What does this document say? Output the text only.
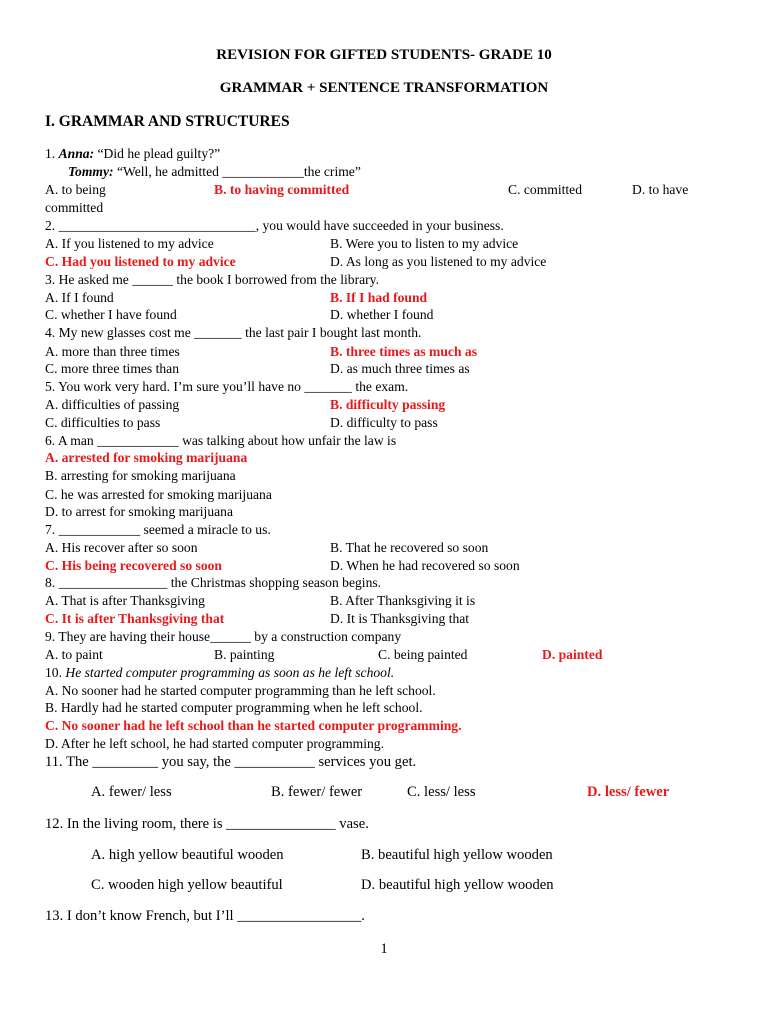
REVISION FOR GIFTED STUDENTS- GRADE 10
GRAMMAR + SENTENCE TRANSFORMATION
I. GRAMMAR AND STRUCTURES
1. Anna: “Did he plead guilty?”
Tommy: “Well, he admitted ____________the crime”
A. to being	B. to having committed	C. committed	D. to have
committed
2. _____________________________, you would have succeeded in your business.
A. If you listened to my advice	B. Were you to listen to my advice
C. Had you listened to my advice	D. As long as you listened to my advice
3. He asked me ______ the book I borrowed from the library.
A. If I found	B. If I had found
C. whether I have found	D. whether I found
4. My new glasses cost me _______ the last pair I bought last month.
A. more than three times	B. three times as much as
C. more three times than	D. as much three times as
5. You work very hard. I’m sure you’ll have no _______ the exam.
A. difficulties of passing	B. difficulty passing
C. difficulties to pass	D. difficulty to pass
6. A man ____________ was talking about how unfair the law is
A. arrested for smoking marijuana
B. arresting for smoking marijuana
C. he was arrested for smoking marijuana
D. to arrest for smoking marijuana
7. ____________ seemed a miracle to us.
A. His recover after so soon	B. That he recovered so soon
C. His being recovered so soon	D. When he had recovered so soon
8. ________________ the Christmas shopping season begins.
A. That is after Thanksgiving	B. After Thanksgiving it is
C. It is after Thanksgiving that	D. It is Thanksgiving that
9. They are having their house______ by a construction company
A. to paint	B. painting	C. being painted	D. painted
10. He started computer programming as soon as he left school.
A. No sooner had he started computer programming than he left school.
B. Hardly had he started computer programming when he left school.
C. No sooner had he left school than he started computer programming.
D. After he left school, he had started computer programming.
11. The _________ you say, the ___________ services you get.
A. fewer/ less	B. fewer/ fewer	C. less/ less	D. less/ fewer
12. In the living room, there is _______________ vase.
A. high yellow beautiful wooden	B. beautiful high yellow wooden
C. wooden high yellow beautiful	D. beautiful high yellow wooden
13. I don’t know French, but I’ll _________________.
1
